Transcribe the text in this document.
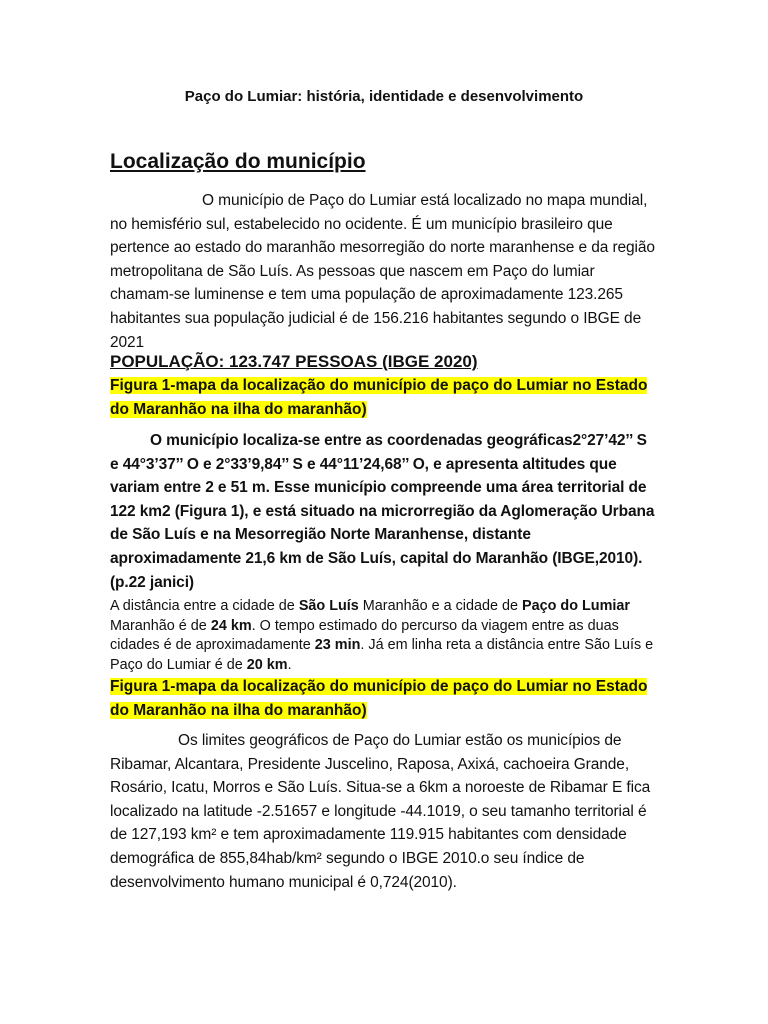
Paço do Lumiar: história, identidade e desenvolvimento
Localização do município

O município de Paço do Lumiar está localizado no mapa mundial, no hemisfério sul, estabelecido no ocidente. É um município brasileiro que pertence ao estado do maranhão mesorregião do norte maranhense e da região metropolitana de São Luís. As pessoas que nascem em Paço do lumiar chamam-se luminense e tem uma população de aproximadamente 123.265 habitantes sua população judicial é de 156.216 habitantes segundo o IBGE de 2021

POPULAÇÃO: 123.747 PESSOAS (IBGE 2020)
Figura 1-mapa da localização do município de paço do Lumiar no Estado do Maranhão na ilha do maranhão)

O município localiza-se entre as coordenadas geográficas2°27’42’’ S e 44°3’37’’ O e 2°33’9,84’’ S e 44°11’24,68’’ O, e apresenta altitudes que variam entre 2 e 51 m. Esse município compreende uma área territorial de 122 km2 (Figura 1), e está situado na microrregião da Aglomeração Urbana de São Luís e na Mesorregião Norte Maranhense, distante aproximadamente 21,6 km de São Luís, capital do Maranhão (IBGE,2010). (p.22 janici)

A distância entre a cidade de São Luís Maranhão e a cidade de Paço do Lumiar Maranhão é de 24 km. O tempo estimado do percurso da viagem entre as duas cidades é de aproximadamente 23 min. Já em linha reta a distância entre São Luís e Paço do Lumiar é de 20 km.
Figura 1-mapa da localização do município de paço do Lumiar no Estado do Maranhão na ilha do maranhão)

Os limites geográficos de Paço do Lumiar estão os municípios de Ribamar, Alcantara, Presidente Juscelino, Raposa, Axixá, cachoeira Grande, Rosário, Icatu, Morros e São Luís. Situa-se a 6km a noroeste de Ribamar E fica localizado na latitude -2.51657 e longitude -44.1019, o seu tamanho territorial é de 127,193 km² e tem aproximadamente 119.915 habitantes com densidade demográfica de 855,84hab/km² segundo o IBGE 2010.o seu índice de desenvolvimento humano municipal é 0,724(2010).
